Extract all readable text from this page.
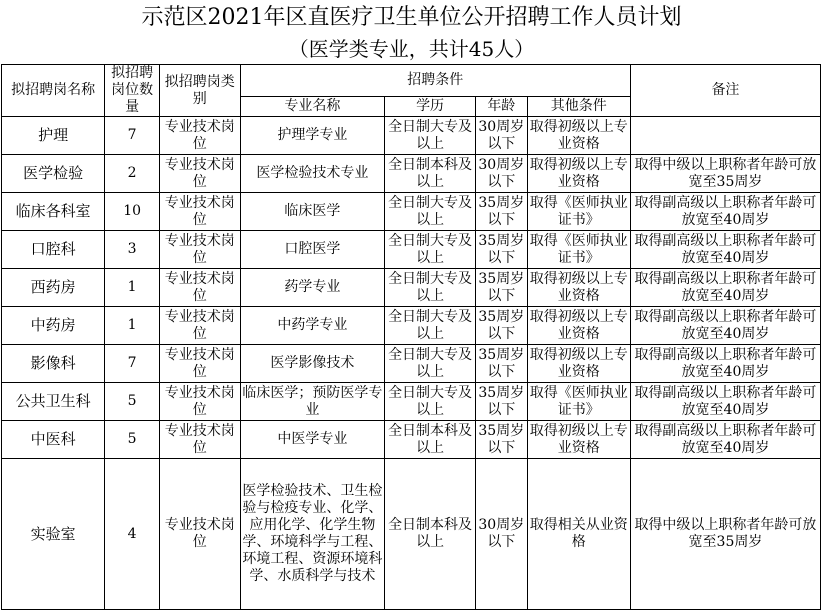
示范区2021年区直医疗卫生单位公开招聘工作人员计划
（医学类专业，共计45人）
拟招聘岗名称	拟招聘岗位数量	拟招聘岗类别	招聘条件				备注
			专业名称	学历	年龄	其他条件	
护理	7	专业技术岗位	护理学专业	全日制大专及以上	30周岁以下	取得初级以上专业资格	
医学检验	2	专业技术岗位	医学检验技术专业	全日制本科及以上	30周岁以下	取得初级以上专业资格	取得中级以上职称者年龄可放宽至35周岁
临床各科室	10	专业技术岗位	临床医学	全日制大专及以上	35周岁以下	取得《医师执业证书》	取得副高级以上职称者年龄可放宽至40周岁
口腔科	3	专业技术岗位	口腔医学	全日制大专及以上	35周岁以下	取得《医师执业证书》	取得副高级以上职称者年龄可放宽至40周岁
西药房	1	专业技术岗位	药学专业	全日制大专及以上	35周岁以下	取得初级以上专业资格	取得副高级以上职称者年龄可放宽至40周岁
中药房	1	专业技术岗位	中药学专业	全日制大专及以上	35周岁以下	取得初级以上专业资格	取得副高级以上职称者年龄可放宽至40周岁
影像科	7	专业技术岗位	医学影像技术	全日制大专及以上	35周岁以下	取得初级以上专业资格	取得副高级以上职称者年龄可放宽至40周岁
公共卫生科	5	专业技术岗位	临床医学；预防医学专业	全日制大专及以上	35周岁以下	取得《医师执业证书》	取得副高级以上职称者年龄可放宽至40周岁
中医科	5	专业技术岗位	中医学专业	全日制本科及以上	35周岁以下	取得初级以上专业资格	取得副高级以上职称者年龄可放宽至40周岁
实验室	4	专业技术岗位	医学检验技术、卫生检验与检疫专业、化学、应用化学、化学生物学、环境科学与工程、环境工程、资源环境科学、水质科学与技术	全日制本科及以上	30周岁以下	取得相关从业资格	取得中级以上职称者年龄可放宽至35周岁
